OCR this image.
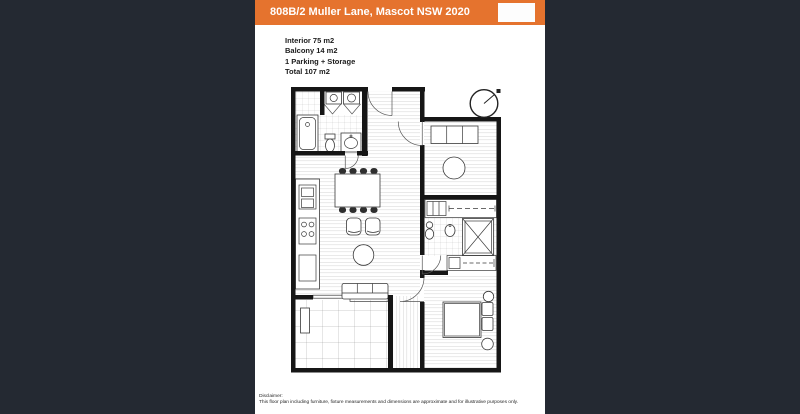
808B/2 Muller Lane, Mascot NSW 2020
Interior 75 m2
Balcony 14 m2
1 Parking + Storage
Total 107 m2
Disclaimer:
This floor plan including furniture, fixture measurements and dimensions are approximate and for illustrative purposes only.
